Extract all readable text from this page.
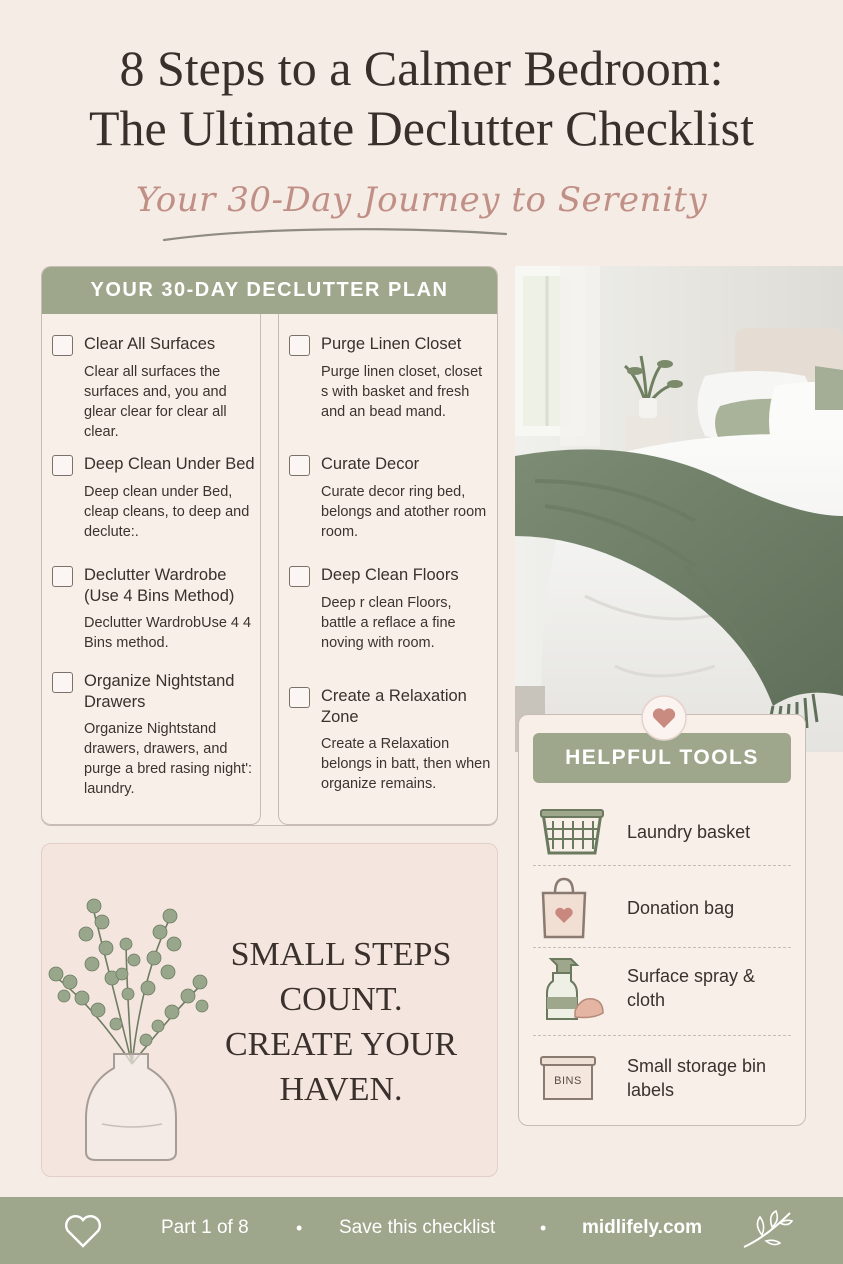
8 Steps to a Calmer Bedroom:
The Ultimate Declutter Checklist
Your 30-Day Journey to Serenity
YOUR 30-DAY DECLUTTER PLAN
Clear All Surfaces
Clear all surfaces the surfaces and, you and glear clear for clear all clear.
Deep Clean Under Bed
Deep clean under Bed, cleap cleans, to deep and declute:.
Declutter Wardrobe (Use 4 Bins Method)
Declutter WardrobUse 4 4 Bins method.
Organize Nightstand Drawers
Organize Nightstand drawers, drawers, and purge a bred rasing night': laundry.
Purge Linen Closet
Purge linen closet, closet s with basket and fresh and an bead mand.
Curate Decor
Curate decor ring bed, belongs and atother room room.
Deep Clean Floors
Deep r clean Floors, battle a reflace a fine noving with room.
Create a Relaxation Zone
Create a Relaxation belongs in batt, then when organize remains.
HELPFUL TOOLS
Laundry basket
Donation bag
Surface spray & cloth
BINS
Small storage bin labels
SMALL STEPS
COUNT.
CREATE YOUR
HAVEN.
Part 1 of 8	• Save this checklist • midlifely.com
